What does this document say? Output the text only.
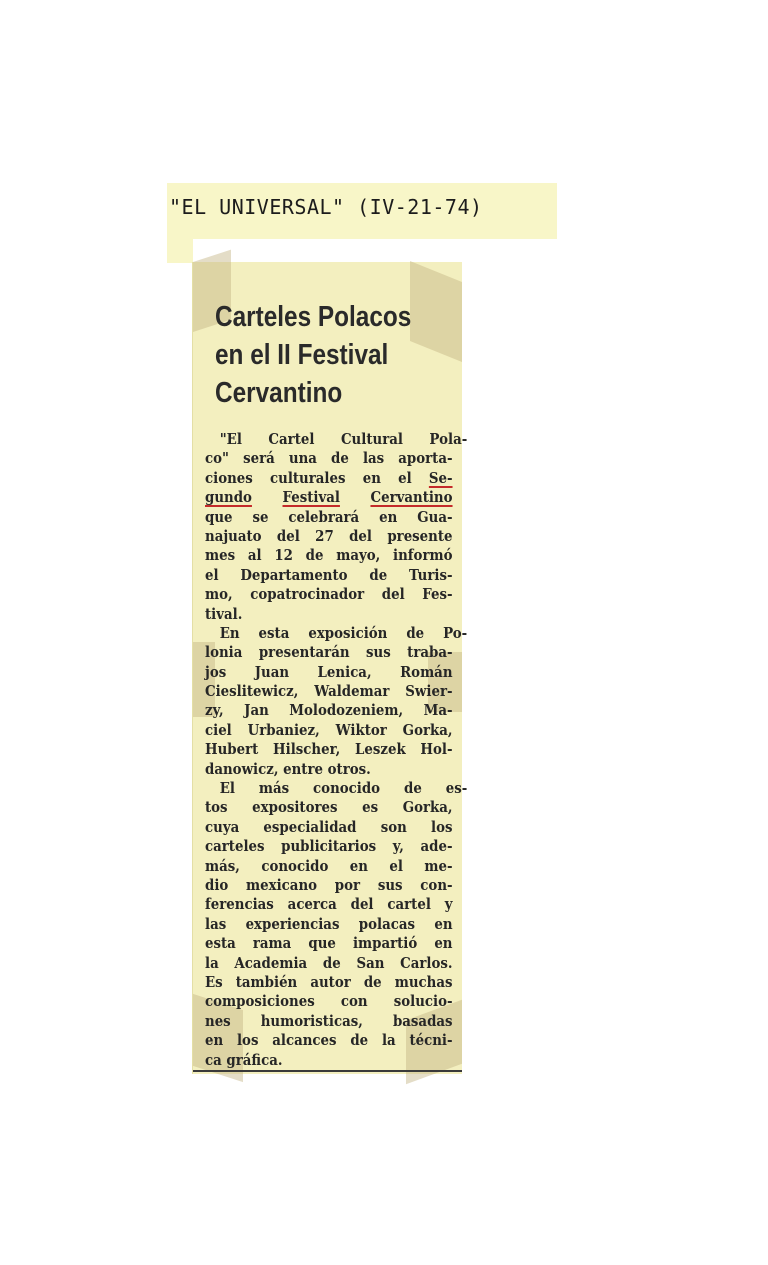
"EL UNIVERSAL" (IV-21-74)
Carteles Polacos
en el II Festival
Cervantino
"El Cartel Cultural Pola-
co" será una de las aporta-
ciones culturales en el Se-
gundo Festival Cervantino
que se celebrará en Gua-
najuato del 27 del presente
mes al 12 de mayo, informó
el Departamento de Turis-
mo, copatrocinador del Fes-
tival.
En esta exposición de Po-
lonia presentarán sus traba-
jos Juan Lenica, Román
Cieslitewicz, Waldemar Swier-
zy, Jan Molodozeniem, Ma-
ciel Urbaniez, Wiktor Gorka,
Hubert Hilscher, Leszek Hol-
danowicz, entre otros.
El más conocido de es-
tos expositores es Gorka,
cuya especialidad son los
carteles publicitarios y, ade-
más, conocido en el me-
dio mexicano por sus con-
ferencias acerca del cartel y
las experiencias polacas en
esta rama que impartió en
la Academia de San Carlos.
Es también autor de muchas
composiciones con solucio-
nes humoristicas, basadas
en los alcances de la técni-
ca gráfica.
